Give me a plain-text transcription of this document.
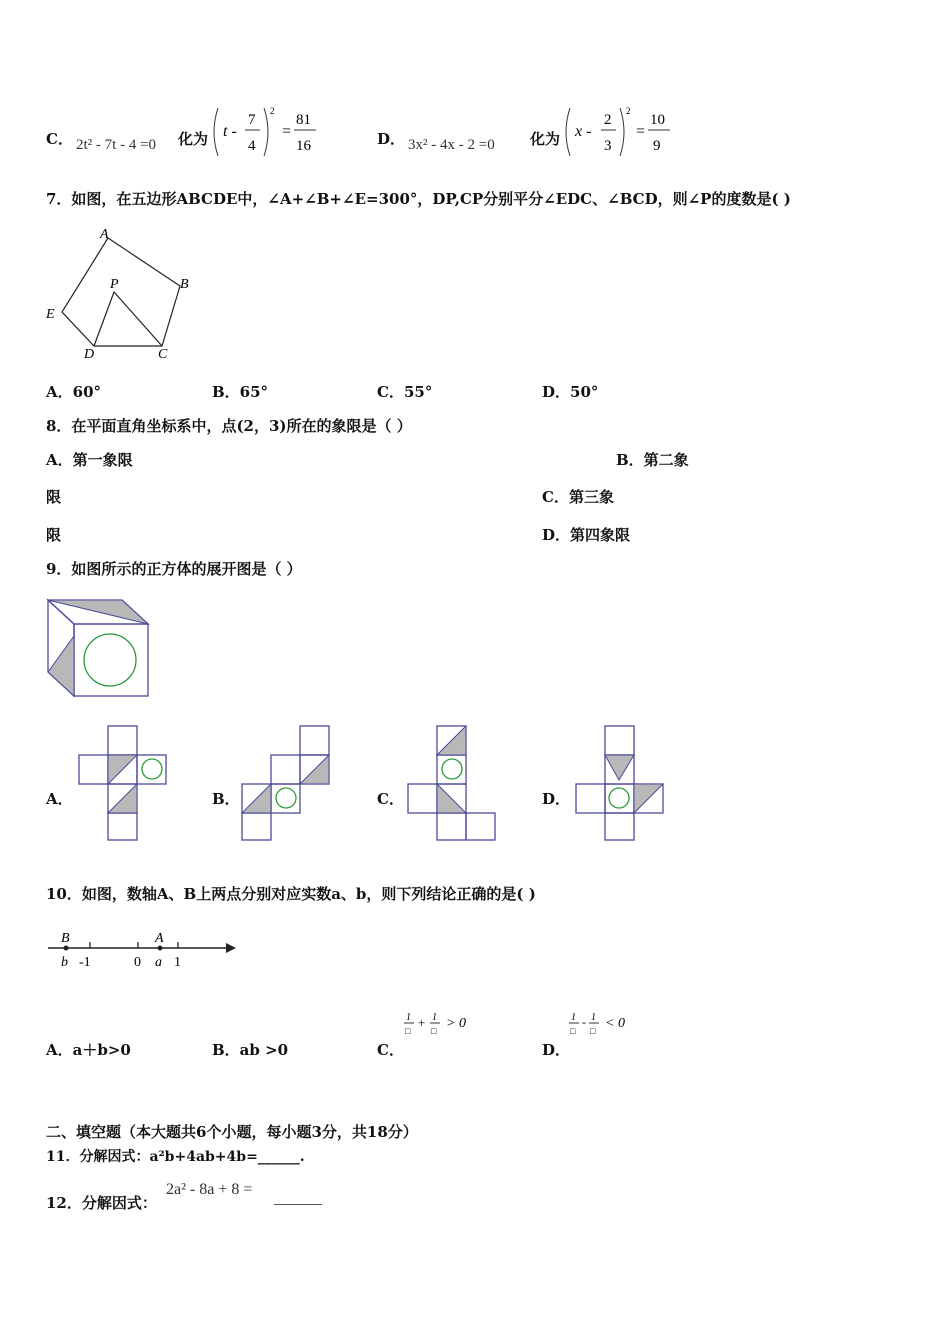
C． 2t² - 7t - 4 =0 化为 t -
7
4
2
=
81
16	D． 3x² - 4x - 2 =0 化为 x -
2
3
2
=
10
9
7．如图，在五边形ABCDE中，∠A+∠B+∠E=300°，DP,CP分别平分∠EDC、∠BCD，则∠P的度数是( )
A
B
P
E
D	C
A．60°	B．65°	C．55°	D．50°
8．在平面直角坐标系中，点(2，3)所在的象限是（ ）
A．第一象限	B．第二象
限	C．第三象
限	D．第四象限
9．如图所示的正方体的展开图是（ ）
A．	B．	C．	D．
10．如图，数轴A、B上两点分别对应实数a、b，则下列结论正确的是( )
B	A
b -1	0 a 1
A．a＋b>0	B．ab >0	C．
1
□
+ 1
□ > 0
D．
1
□
- 1
□ < 0
二、填空题（本大题共6个小题，每小题3分，共18分）
11．分解因式：a²b+4ab+4b=______.
12．分解因式：
2a² - 8a + 8 =
______
